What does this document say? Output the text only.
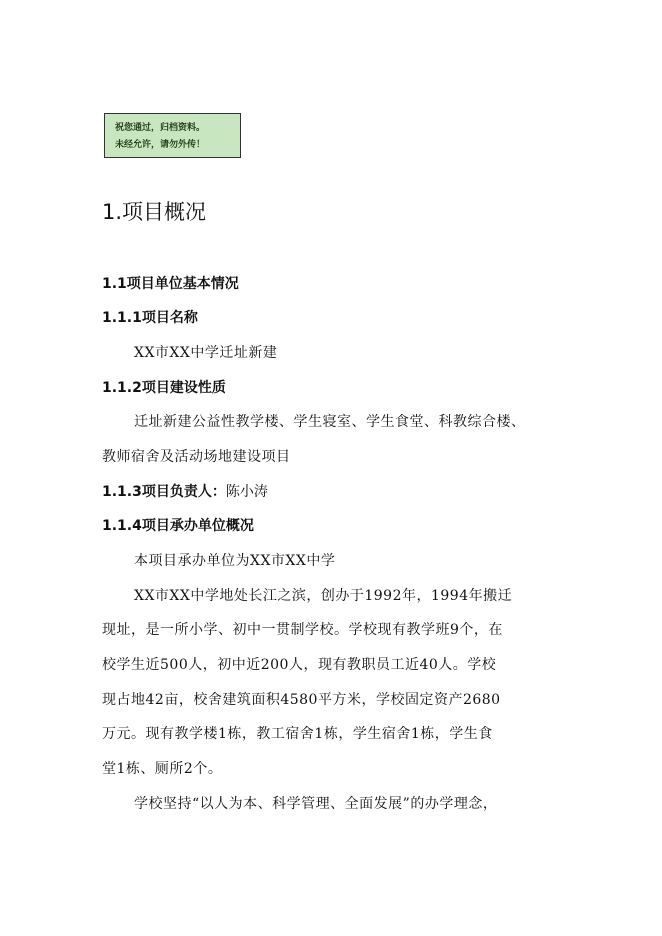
祝您通过，归档资料。
未经允许，请勿外传！
1.项目概况
1.1项目单位基本情况
1.1.1项目名称
XX市XX中学迁址新建
1.1.2项目建设性质
迁址新建公益性教学楼、学生寝室、学生食堂、科教综合楼、
教师宿舍及活动场地建设项目
1.1.3项目负责人：陈小涛
1.1.4项目承办单位概况
本项目承办单位为XX市XX中学
XX市XX中学地处长江之滨，创办于1992年，1994年搬迁
现址，是一所小学、初中一贯制学校。学校现有教学班9个，在
校学生近500人，初中近200人，现有教职员工近40人。学校
现占地42亩，校舍建筑面积4580平方米，学校固定资产2680
万元。现有教学楼1栋，教工宿舍1栋，学生宿舍1栋，学生食
堂1栋、厕所2个。
学校坚持“以人为本、科学管理、全面发展”的办学理念，
